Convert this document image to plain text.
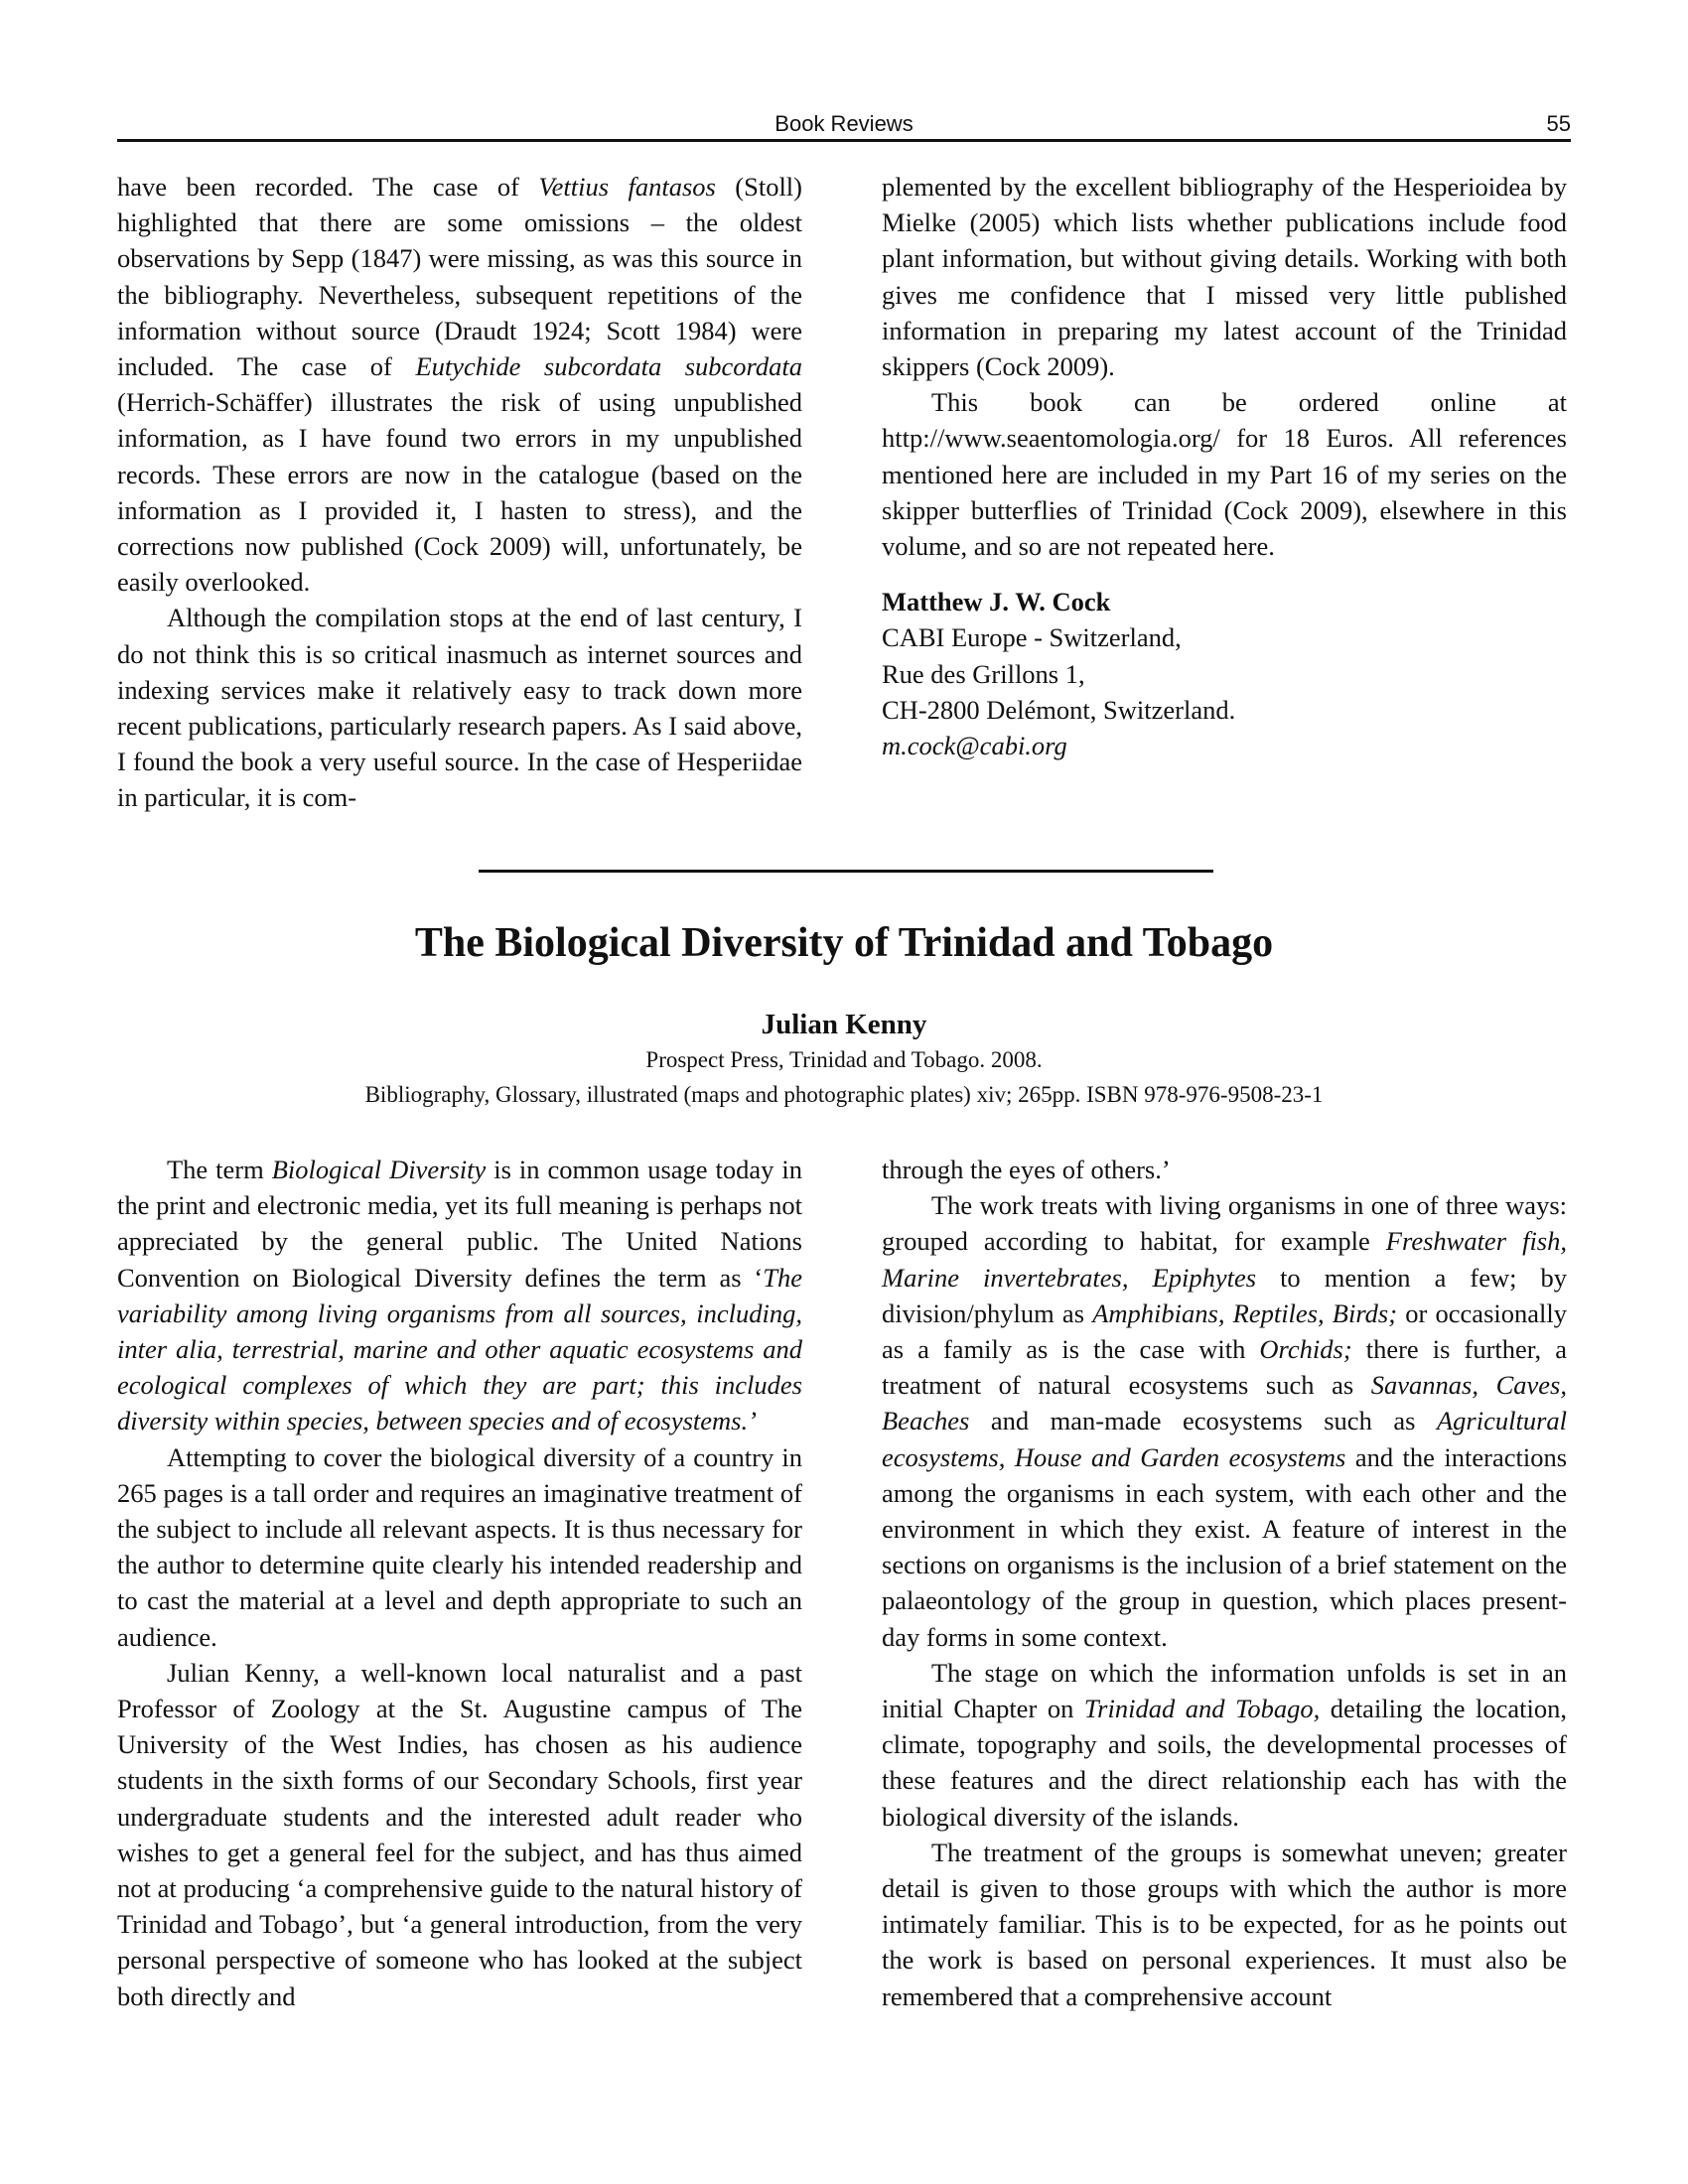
Book Reviews	55

have been recorded. The case of Vettius fantasos (Stoll) highlighted that there are some omissions – the oldest observations by Sepp (1847) were missing, as was this source in the bibliography. Nevertheless, subsequent repetitions of the information without source (Draudt 1924; Scott 1984) were included. The case of Eutychide subcordata subcordata (Herrich-Schäffer) illustrates the risk of using unpublished information, as I have found two errors in my unpublished records. These errors are now in the catalogue (based on the information as I provided it, I hasten to stress), and the corrections now published (Cock 2009) will, unfortunately, be easily overlooked.

Although the compilation stops at the end of last century, I do not think this is so critical inasmuch as internet sources and indexing services make it relatively easy to track down more recent publications, particularly research papers. As I said above, I found the book a very useful source. In the case of Hesperiidae in particular, it is com-

plemented by the excellent bibliography of the Hesperioidea by Mielke (2005) which lists whether publications include food plant information, but without giving details. Working with both gives me confidence that I missed very little published information in preparing my latest account of the Trinidad skippers (Cock 2009).

This book can be ordered online at http://www.seaentomologia.org/ for 18 Euros. All references mentioned here are included in my Part 16 of my series on the skipper butterflies of Trinidad (Cock 2009), elsewhere in this volume, and so are not repeated here.

Matthew J. W. Cock
CABI Europe - Switzerland,
Rue des Grillons 1,
CH-2800 Delémont, Switzerland.
m.cock@cabi.org

The Biological Diversity of Trinidad and Tobago
Julian Kenny
Prospect Press, Trinidad and Tobago. 2008.
Bibliography, Glossary, illustrated (maps and photographic plates) xiv; 265pp. ISBN 978-976-9508-23-1

The term Biological Diversity is in common usage today in the print and electronic media, yet its full meaning is perhaps not appreciated by the general public. The United Nations Convention on Biological Diversity defines the term as ‘The variability among living organisms from all sources, including, inter alia, terrestrial, marine and other aquatic ecosystems and ecological complexes of which they are part; this includes diversity within species, between species and of ecosystems.’

Attempting to cover the biological diversity of a country in 265 pages is a tall order and requires an imaginative treatment of the subject to include all relevant aspects. It is thus necessary for the author to determine quite clearly his intended readership and to cast the material at a level and depth appropriate to such an audience.

Julian Kenny, a well-known local naturalist and a past Professor of Zoology at the St. Augustine campus of The University of the West Indies, has chosen as his audience students in the sixth forms of our Secondary Schools, first year undergraduate students and the interested adult reader who wishes to get a general feel for the subject, and has thus aimed not at producing ‘a comprehensive guide to the natural history of Trinidad and Tobago’, but ‘a general introduction, from the very personal perspective of someone who has looked at the subject both directly and

through the eyes of others.’

The work treats with living organisms in one of three ways: grouped according to habitat, for example Freshwater fish, Marine invertebrates, Epiphytes to mention a few; by division/phylum as Amphibians, Reptiles, Birds; or occasionally as a family as is the case with Orchids; there is further, a treatment of natural ecosystems such as Savannas, Caves, Beaches and man-made ecosystems such as Agricultural ecosystems, House and Garden ecosystems and the interactions among the organisms in each system, with each other and the environment in which they exist. A feature of interest in the sections on organisms is the inclusion of a brief statement on the palaeontology of the group in question, which places present-day forms in some context.

The stage on which the information unfolds is set in an initial Chapter on Trinidad and Tobago, detailing the location, climate, topography and soils, the developmental processes of these features and the direct relationship each has with the biological diversity of the islands.

The treatment of the groups is somewhat uneven; greater detail is given to those groups with which the author is more intimately familiar. This is to be expected, for as he points out the work is based on personal experiences. It must also be remembered that a comprehensive account
